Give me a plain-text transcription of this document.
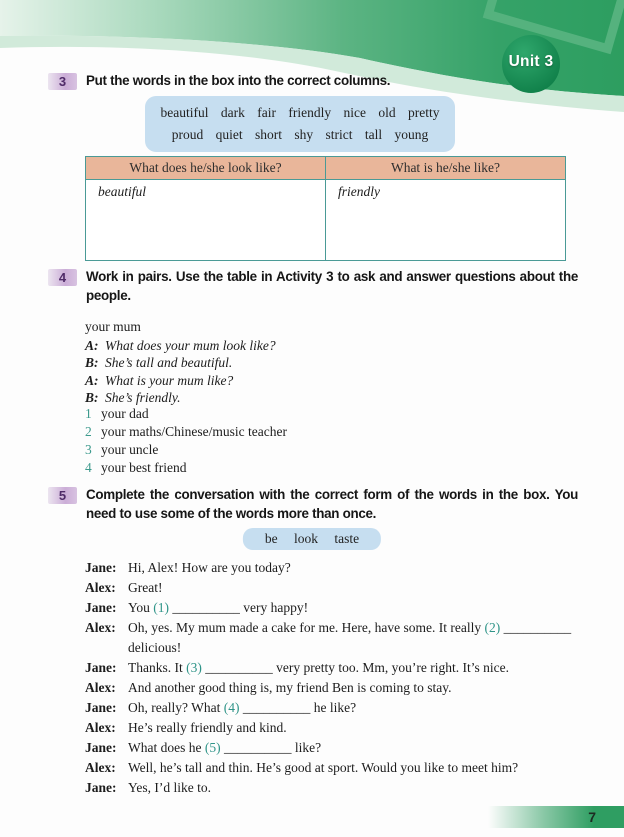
Unit 3
3	Put the words in the box into the correct columns.
beautiful dark fair friendly nice old pretty
proud quiet short shy strict tall young
What does he/she look like?	What is he/she like?
beautiful	friendly
4	Work in pairs. Use the table in Activity 3 to ask and answer questions about the people.
your mum
A: What does your mum look like?
B: She’s tall and beautiful.
A: What is your mum like?
B: She’s friendly.
1 your dad
2 your maths/Chinese/music teacher
3 your uncle
4 your best friend
5	Complete the conversation with the correct form of the words in the box. You need to use some of the words more than once.
be look taste
Jane: Hi, Alex! How are you today?
Alex: Great!
Jane: You (1) __________ very happy!
Alex: Oh, yes. My mum made a cake for me. Here, have some. It really (2) __________
delicious!
Jane: Thanks. It (3) __________ very pretty too. Mm, you’re right. It’s nice.
Alex: And another good thing is, my friend Ben is coming to stay.
Jane: Oh, really? What (4) __________ he like?
Alex: He’s really friendly and kind.
Jane: What does he (5) __________ like?
Alex: Well, he’s tall and thin. He’s good at sport. Would you like to meet him?
Jane: Yes, I’d like to.
7
